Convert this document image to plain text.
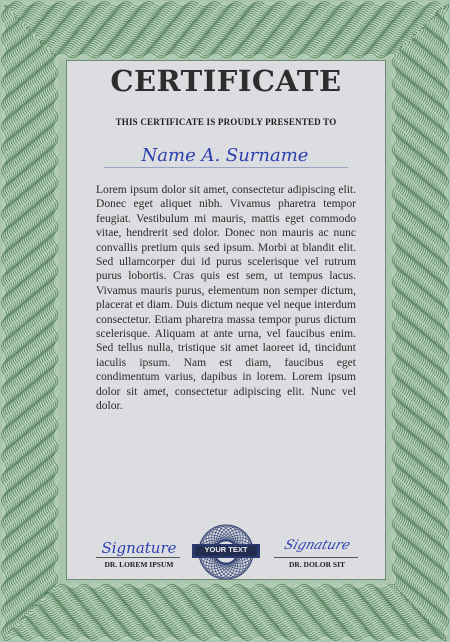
CERTIFICATE
THIS CERTIFICATE IS PROUDLY PRESENTED TO
Name A. Surname
Lorem ipsum dolor sit amet, consectetur adipiscing elit. Donec eget aliquet nibh. Vivamus pharetra tempor feugiat. Vestibulum mi mauris, mattis eget commodo vitae, hendrerit sed dolor. Donec non mauris ac nunc convallis pretium quis sed ipsum. Morbi at blandit elit. Sed ullamcorper dui id purus scelerisque vel rutrum purus lobortis. Cras quis est sem, ut tempus lacus. Vivamus mauris purus, elementum non semper dictum, placerat et diam. Duis dictum neque vel neque interdum consectetur. Etiam pharetra massa tempor purus dictum scelerisque. Aliquam at ante urna, vel faucibus enim. Sed tellus nulla, tristique sit amet laoreet id, tincidunt iaculis ipsum. Nam est diam, faucibus eget condimentum varius, dapibus in lorem. Lorem ipsum dolor sit amet, consectetur adipiscing elit. Nunc vel dolor.
Signature
DR. LOREM IPSUM
YOUR TEXT	Signature
DR. DOLOR SIT
